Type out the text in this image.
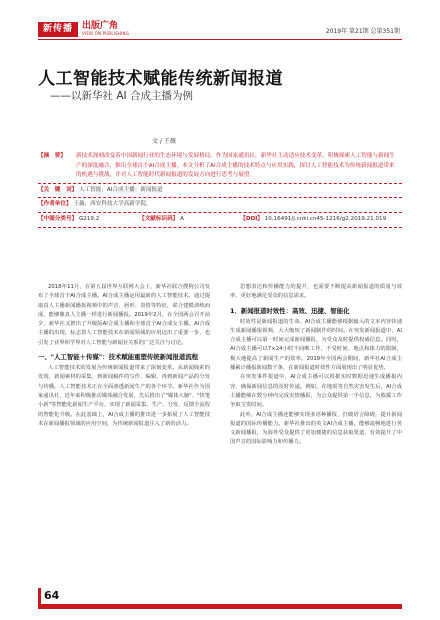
新传播	出版广角
VIEW ON PUBLISHING	2019年 第21期 总第351期
人工智能技术赋能传统新闻报道
——以新华社 AI 合成主播为例
文 / 王薇
【摘　要】 新技术深刻改变着中国新闻行业的生态环境与发展格局。作为国家通讯社，新华社主动适应技术变革，积极探索人工智能与新闻生产的深度融合，推出全球首个AI合成主播。本文分析了AI合成主播的技术特点与应用实践，探讨人工智能技术为传统新闻报道带来的机遇与挑战，并对人工智能时代新闻报道的发展方向进行思考与展望。
【关　键　词】 人工智能；AI合成主播；新闻报道
【作者单位】 王薇，西安科技大学高新学院。
【中图分类号】 G219.2	【文献标识码】 A	【DOI】 10.16491/j.cnki.cn45-1216/g2.2019.21.019

2018年11月，在第五届世界互联网大会上，新华社联合搜狗公司发布了全球首个AI合成主播。AI合成主播运用最新的人工智能技术，通过提取真人主播新闻播报视频中的声音、唇形、表情等特征，联合建模训练而成，能够像真人主播一样进行新闻播报。2019年2月，在全国两会召开前夕，新华社又推出了升级版AI合成主播和全球首个AI合成女主播。AI合成主播的出现，标志着人工智能技术在新闻领域的应用迈出了重要一步，也引发了业界和学界对人工智能与新闻业关系的广泛关注与讨论。

一、"人工智能＋传媒"：技术赋能重塑传统新闻报道流程

人工智能技术的发展为传统新闻报道带来了深刻变革。从新闻线索的发现、新闻素材的采集，到新闻稿件的写作、编辑，再到新闻产品的分发与传播，人工智能技术正在全面渗透新闻生产的各个环节。新华社作为国家通讯社，近年来积极推动媒体融合发展，先后推出了"媒体大脑"、"快笔小新"等智能化新闻生产平台，实现了新闻采集、生产、分发、反馈全流程的智能化升级。在此基础上，AI合成主播的推出进一步拓展了人工智能技术在新闻播报领域的应用空间，为传统新闻报道注入了新的活力。

思想表达和传播能力的提升，也需要不断提高新闻报道的质量与效率，更好地满足受众的信息需求。

1．新闻报道时效性：高效、迅捷、智能化

时效性是新闻报道的生命。AI合成主播能够根据输入的文本内容快速生成新闻播报视频，大大缩短了新闻制作的时间。在突发新闻报道中，AI合成主播可以第一时间完成新闻播报，为受众及时提供权威信息。同时，AI合成主播可以7×24小时不间断工作，不受时间、地点和体力的限制，极大地提高了新闻生产的效率。2019年全国两会期间，新华社AI合成主播累计播报新闻数千条，在新闻报道时效性方面展现出了明显优势。

在突发事件报道中，AI合成主播可以根据实时数据迅速生成播报内容，确保新闻信息的及时传递。例如，在地震等自然灾害发生后，AI合成主播能够在数分钟内完成灾情播报，为公众提供第一手信息，为救援工作争取宝贵时间。

此外，AI合成主播还能够实现多语种播报，打破语言障碍，提升新闻报道的国际传播能力。新华社推出的英文AI合成主播，能够流畅地进行英文新闻播报，为海外受众提供了更加便捷的信息获取渠道，有效提升了中国声音的国际影响力和传播力。

64
